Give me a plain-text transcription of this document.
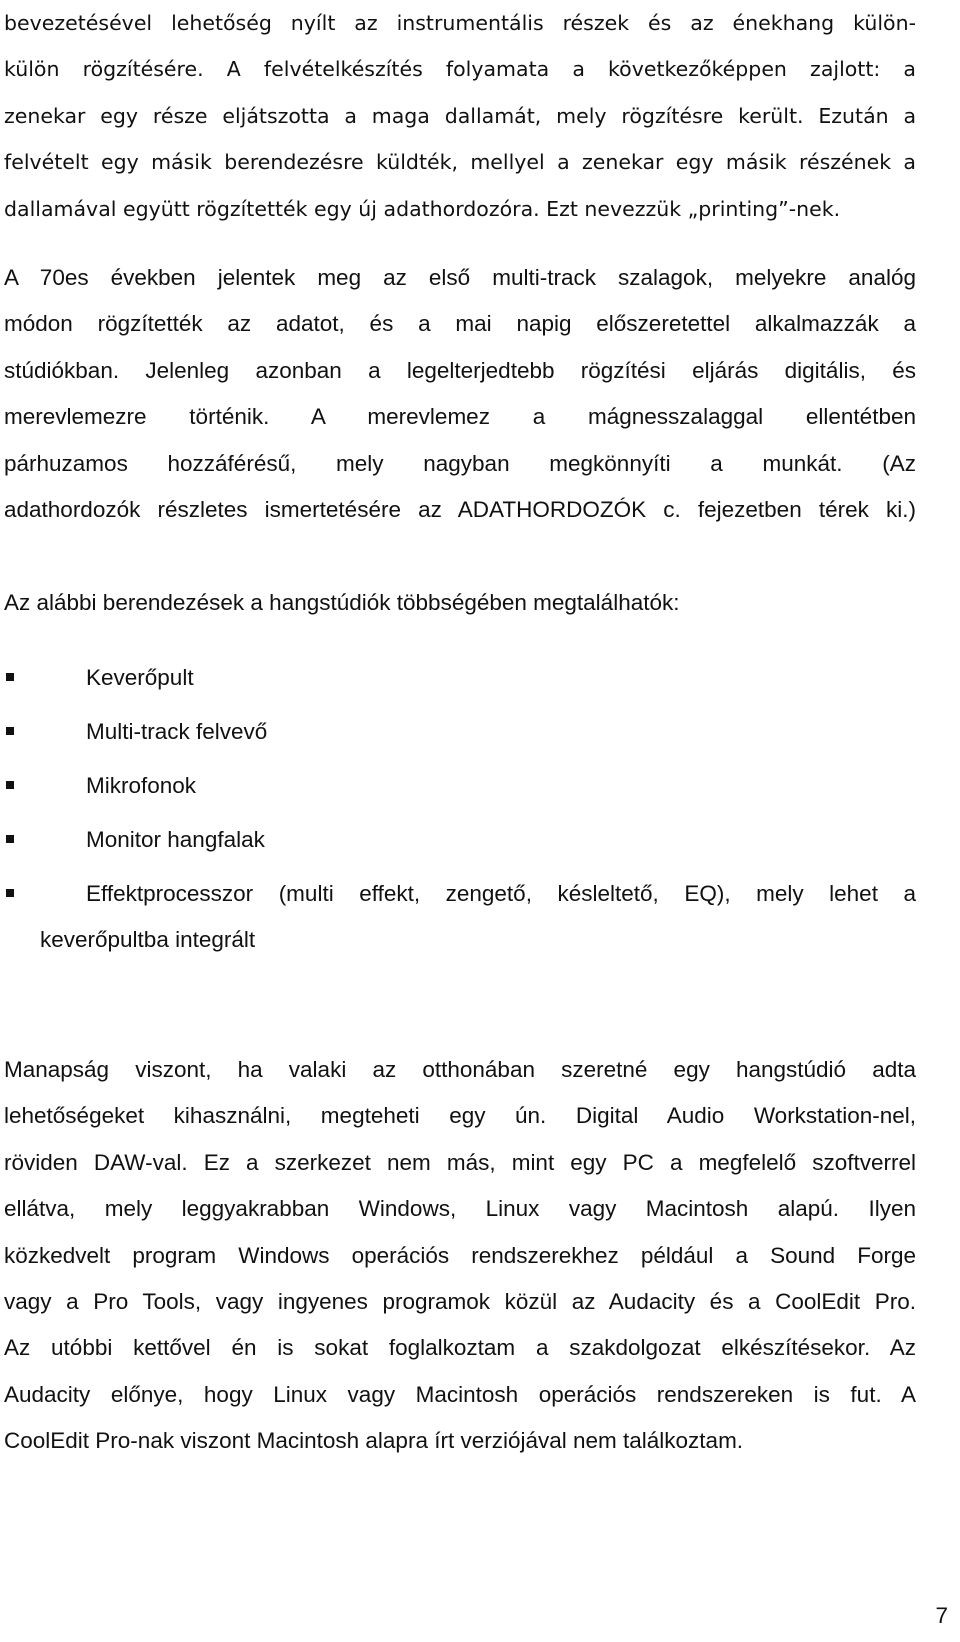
bevezetésével lehetőség nyílt az instrumentális részek és az énekhang külön-
külön rögzítésére. A felvételkészítés folyamata a következőképpen zajlott: a
zenekar egy része eljátszotta a maga dallamát, mely rögzítésre került. Ezután a
felvételt egy másik berendezésre küldték, mellyel a zenekar egy másik részének a
dallamával együtt rögzítették egy új adathordozóra. Ezt nevezzük „printing”-nek.

A 70es években jelentek meg az első multi-track szalagok, melyekre analóg
módon rögzítették az adatot, és a mai napig előszeretettel alkalmazzák a
stúdiókban. Jelenleg azonban a legelterjedtebb rögzítési eljárás digitális, és
merevlemezre történik. A merevlemez a mágnesszalaggal ellentétben
párhuzamos hozzáférésű, mely nagyban megkönnyíti a munkát. (Az
adathordozók részletes ismertetésére az ADATHORDOZÓK c. fejezetben térek ki.)

Az alábbi berendezések a hangstúdiók többségében megtalálhatók:

Keverőpult
Multi-track felvevő
Mikrofonok
Monitor hangfalak
Effektprocesszor (multi effekt, zengető, késleltető, EQ), mely lehet a
keverőpultba integrált

Manapság viszont, ha valaki az otthonában szeretné egy hangstúdió adta
lehetőségeket kihasználni, megteheti egy ún. Digital Audio Workstation-nel,
röviden DAW-val. Ez a szerkezet nem más, mint egy PC a megfelelő szoftverrel
ellátva, mely leggyakrabban Windows, Linux vagy Macintosh alapú. Ilyen
közkedvelt program Windows operációs rendszerekhez például a Sound Forge
vagy a Pro Tools, vagy ingyenes programok közül az Audacity és a CoolEdit Pro.
Az utóbbi kettővel én is sokat foglalkoztam a szakdolgozat elkészítésekor. Az
Audacity előnye, hogy Linux vagy Macintosh operációs rendszereken is fut. A
CoolEdit Pro-nak viszont Macintosh alapra írt verziójával nem találkoztam.

7
